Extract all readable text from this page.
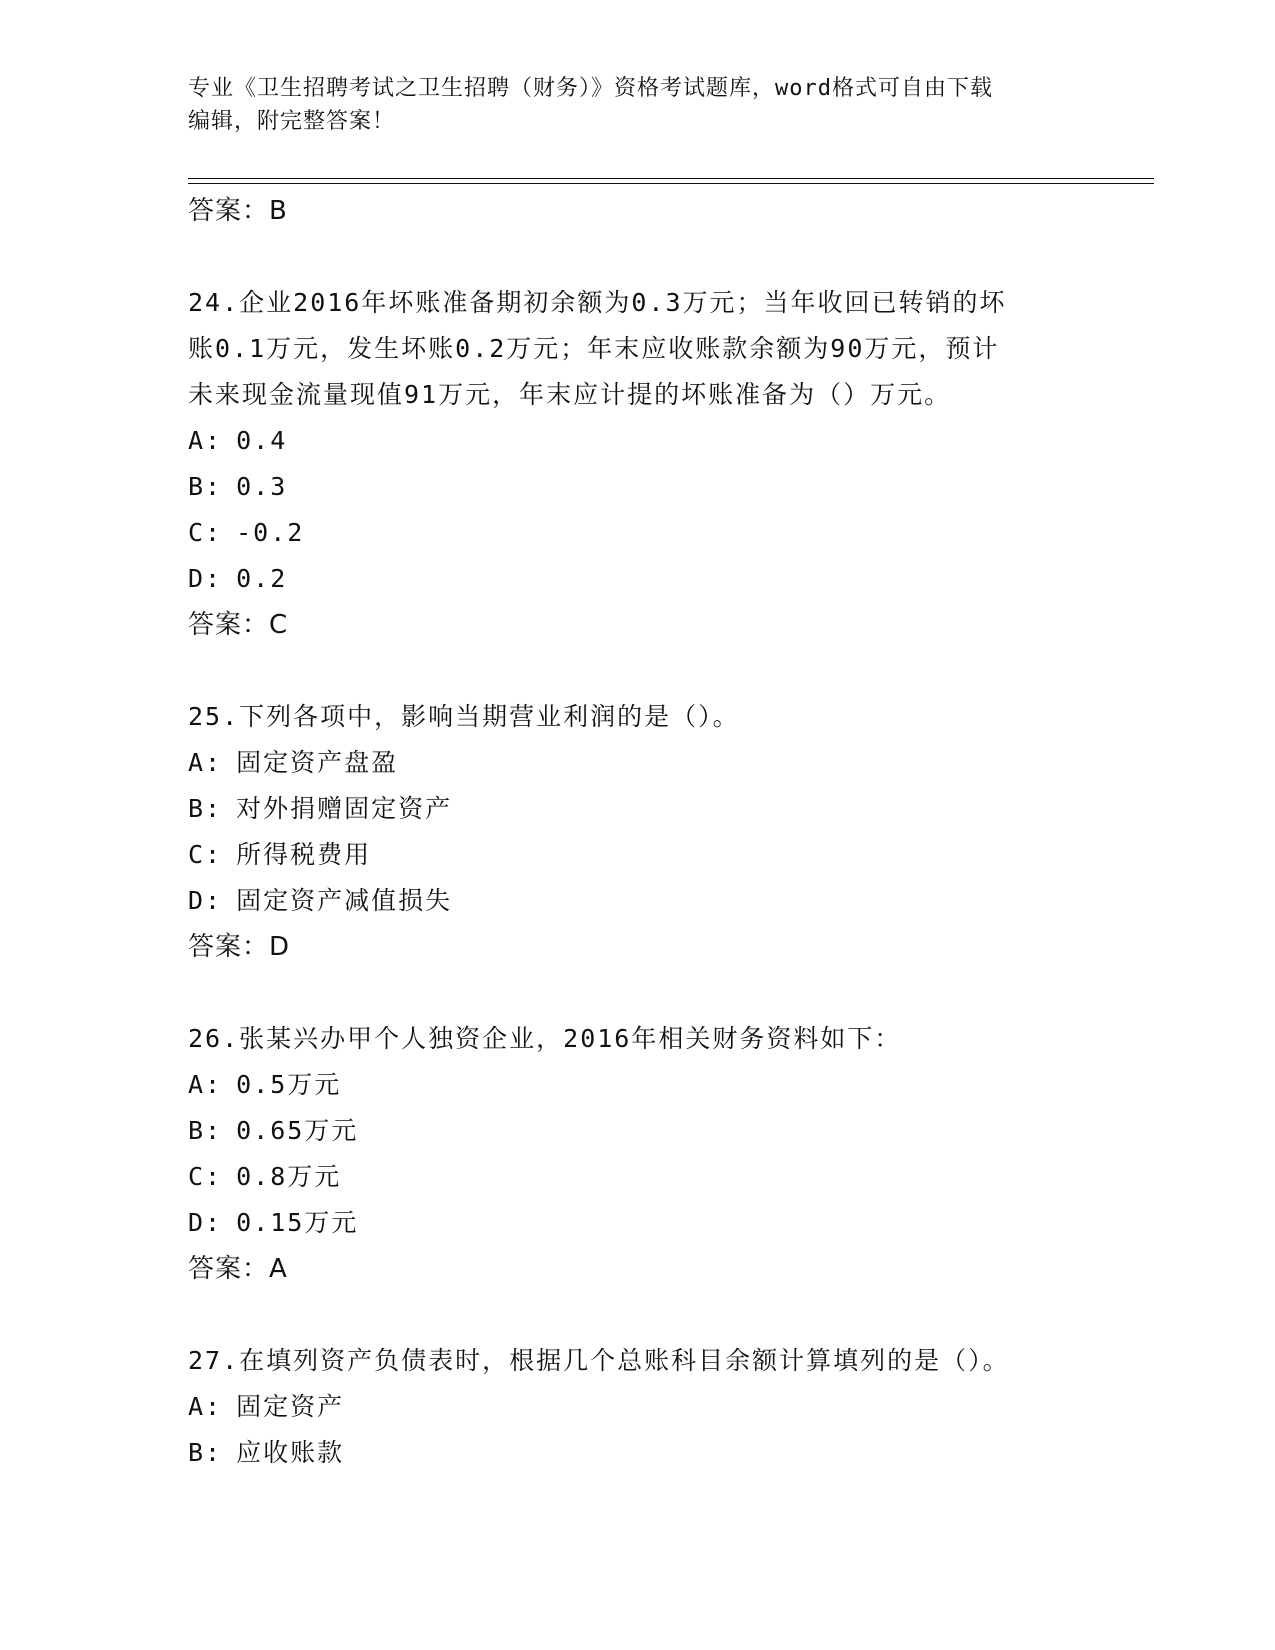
专业《卫生招聘考试之卫生招聘（财务）》资格考试题库，word格式可自由下载
编辑，附完整答案！
答案：B

24.企业2016年坏账准备期初余额为0.3万元；当年收回已转销的坏

账0.1万元，发生坏账0.2万元；年末应收账款余额为90万元，预计

未来现金流量现值91万元，年末应计提的坏账准备为（）万元。

A: 0.4
B: 0.3
C: -0.2
D: 0.2
答案：C

25.下列各项中，影响当期营业利润的是（）。

A: 固定资产盘盈
B: 对外捐赠固定资产
C: 所得税费用
D: 固定资产减值损失
答案：D

26.张某兴办甲个人独资企业，2016年相关财务资料如下：

A: 0.5万元
B: 0.65万元
C: 0.8万元
D: 0.15万元
答案：A

27.在填列资产负债表时，根据几个总账科目余额计算填列的是（）。

A: 固定资产
B: 应收账款
